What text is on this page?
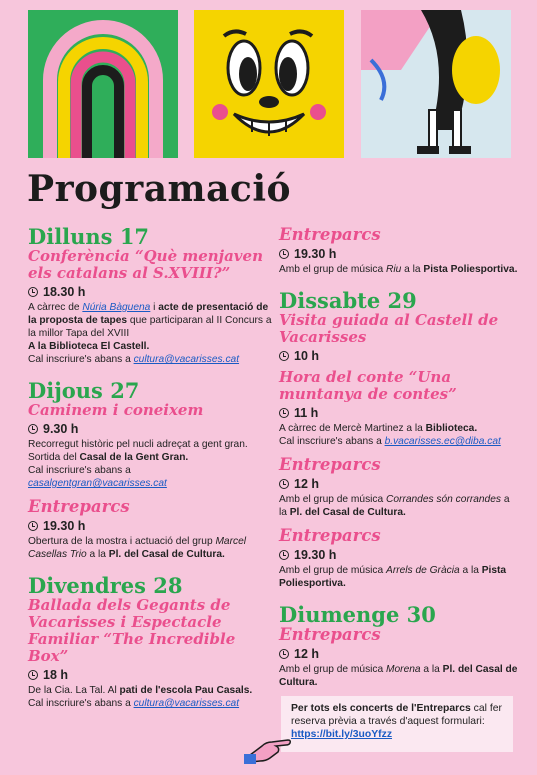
Programació
Dilluns 17
Conferència “Què menjaven els catalans al S.XVIII?”
18.30 h
A càrrec de Núria Bàguena i acte de presentació de la proposta de tapes que participaran al II Concurs a la millor Tapa del XVIII
A la Biblioteca El Castell.
Cal inscriure's abans a cultura@vacarisses.cat
Dijous 27
Caminem i coneixem
9.30 h
Recorregut històric pel nucli adreçat a gent gran.
Sortida del Casal de la Gent Gran.
Cal inscriure's abans a
casalgentgran@vacarisses.cat
Entreparcs
19.30 h
Obertura de la mostra i actuació del grup Marcel Casellas Trio a la Pl. del Casal de Cultura.
Divendres 28
Ballada dels Gegants de Vacarisses i Espectacle Familiar “The Incredible Box”
18 h
De la Cia. La Tal. Al pati de l'escola Pau Casals.
Cal inscriure's abans a cultura@vacarisses.cat
Entreparcs
19.30 h
Amb el grup de música Riu a la Pista Poliesportiva.
Dissabte 29
Visita guiada al Castell de Vacarisses
10 h
Hora del conte “Una muntanya de contes”
11 h
A càrrec de Mercè Martinez a la Biblioteca.
Cal inscriure's abans a b.vacarisses.ec@diba.cat
Entreparcs
12 h
Amb el grup de música Corrandes són corrandes a la Pl. del Casal de Cultura.
Entreparcs
19.30 h
Amb el grup de música Arrels de Gràcia a la Pista Poliesportiva.
Diumenge 30
Entreparcs
12 h
Amb el grup de música Morena a la Pl. del Casal de Cultura.
Per tots els concerts de l'Entreparcs cal fer reserva prèvia a través d'aquest formulari: https://bit.ly/3uoYfzz
